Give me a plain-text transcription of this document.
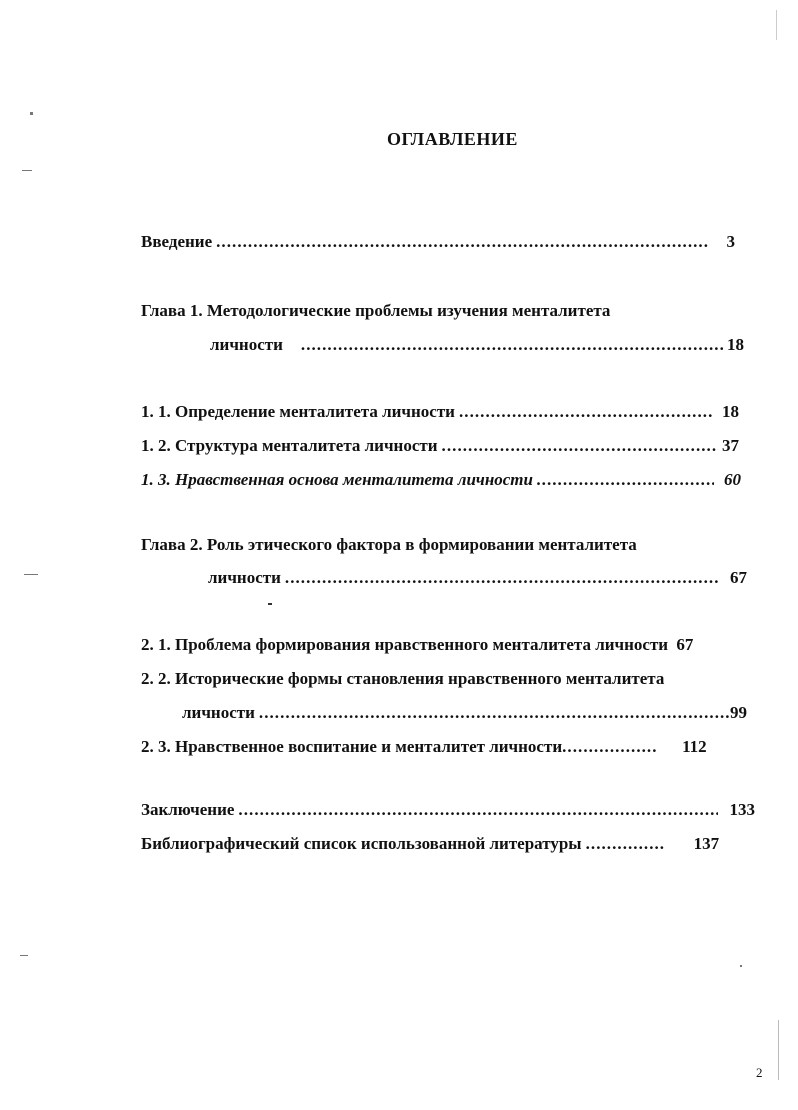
ОГЛАВЛЕНИЕ
Введение . . .	3
Глава 1. Методологические проблемы изучения менталитета
личности . . .	18
1. 1. Определение менталитета личности . . .	18
1. 2. Структура менталитета личности . . .	37
1. 3. Нравственная основа менталитета личности . . .	60
Глава 2. Роль этического фактора в формировании менталитета
личности . . .	67
2. 1. Проблема формирования нравственного менталитета личности 67
2. 2. Исторические формы становления нравственного менталитета
личности . . .	99
2. 3. Нравственное воспитание и менталитет личности . . .	112
Заключение . . .	133
Библиографический список использованной литературы . . .	137
2
